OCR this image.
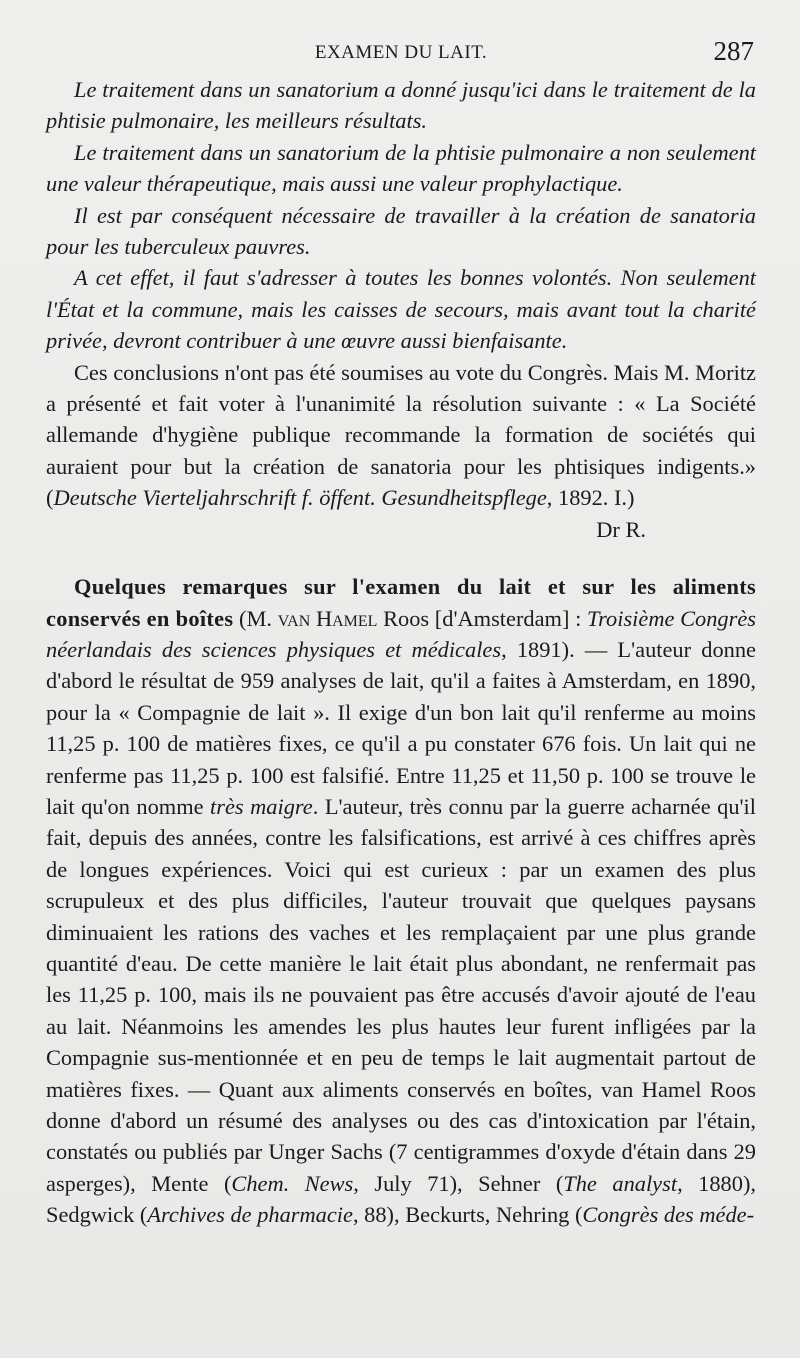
EXAMEN DU LAIT.	287

Le traitement dans un sanatorium a donné jusqu'ici dans le traitement de la phtisie pulmonaire, les meilleurs résultats.

Le traitement dans un sanatorium de la phtisie pulmonaire a non seulement une valeur thérapeutique, mais aussi une valeur prophylactique.

Il est par conséquent nécessaire de travailler à la création de sanatoria pour les tuberculeux pauvres.

A cet effet, il faut s'adresser à toutes les bonnes volontés. Non seulement l'État et la commune, mais les caisses de secours, mais avant tout la charité privée, devront contribuer à une œuvre aussi bienfaisante.

Ces conclusions n'ont pas été soumises au vote du Congrès. Mais M. Moritz a présenté et fait voter à l'unanimité la résolution suivante : « La Société allemande d'hygiène publique recommande la formation de sociétés qui auraient pour but la création de sanatoria pour les phtisiques indigents.» (Deutsche Vierteljahrschrift f. öffent. Gesundheitspflege, 1892. I.)

Dr R.

Quelques remarques sur l'examen du lait et sur les aliments conservés en boîtes (M. van Hamel Roos [d'Amsterdam] : Troisième Congrès néerlandais des sciences physiques et médicales, 1891). — L'auteur donne d'abord le résultat de 959 analyses de lait, qu'il a faites à Amsterdam, en 1890, pour la « Compagnie de lait ». Il exige d'un bon lait qu'il renferme au moins 11,25 p. 100 de matières fixes, ce qu'il a pu constater 676 fois. Un lait qui ne renferme pas 11,25 p. 100 est falsifié. Entre 11,25 et 11,50 p. 100 se trouve le lait qu'on nomme très maigre. L'auteur, très connu par la guerre acharnée qu'il fait, depuis des années, contre les falsifications, est arrivé à ces chiffres après de longues expériences. Voici qui est curieux : par un examen des plus scrupuleux et des plus difficiles, l'auteur trouvait que quelques paysans diminuaient les rations des vaches et les remplaçaient par une plus grande quantité d'eau. De cette manière le lait était plus abondant, ne renfermait pas les 11,25 p. 100, mais ils ne pouvaient pas être accusés d'avoir ajouté de l'eau au lait. Néanmoins les amendes les plus hautes leur furent infligées par la Compagnie sus-mentionnée et en peu de temps le lait augmentait partout de matières fixes. — Quant aux aliments conservés en boîtes, van Hamel Roos donne d'abord un résumé des analyses ou des cas d'intoxication par l'étain, constatés ou publiés par Unger Sachs (7 centigrammes d'oxyde d'étain dans 29 asperges), Mente (Chem. News, July 71), Sehner (The analyst, 1880), Sedgwick (Archives de pharmacie, 88), Beckurts, Nehring (Congrès des méde-
